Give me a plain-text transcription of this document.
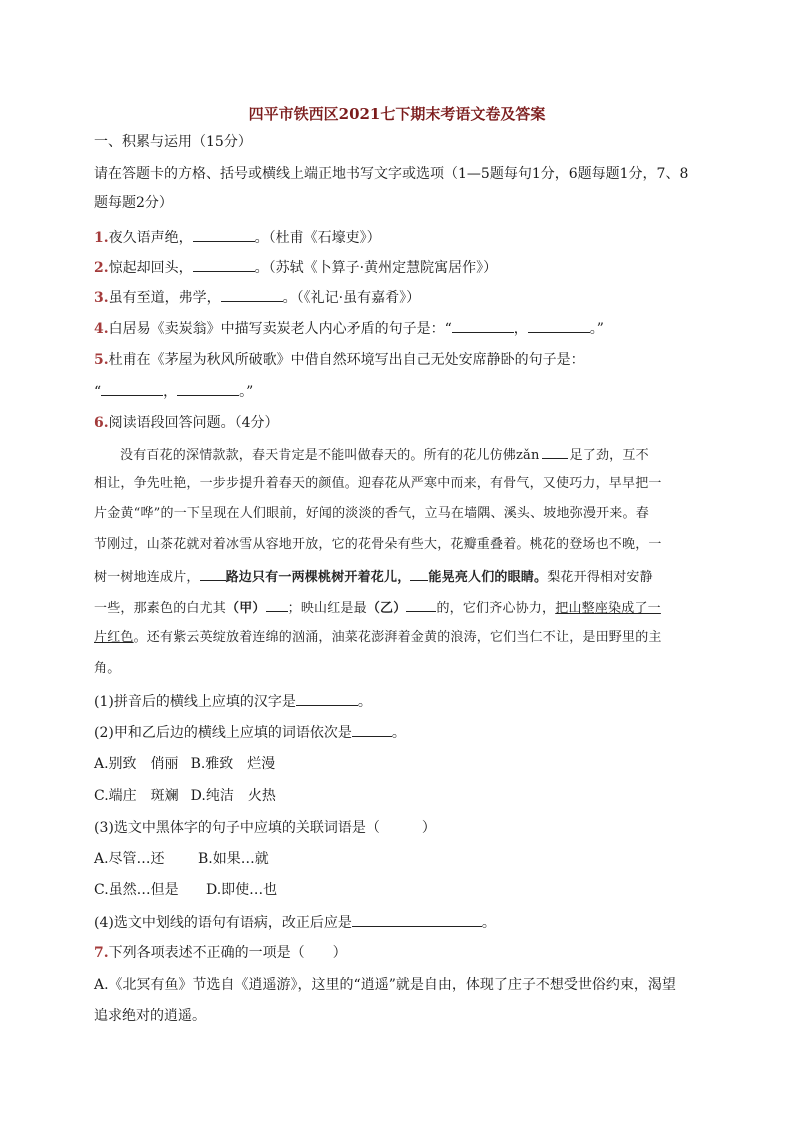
四平市铁西区2021七下期末考语文卷及答案
一、积累与运用（15分）
请在答题卡的方格、括号或横线上端正地书写文字或选项（1—5题每句1分，6题每题1分，7、8
题每题2分）
1.夜久语声绝，	。（杜甫《石壕吏》）
2.惊起却回头，	。（苏轼《卜算子·黄州定慧院寓居作》）
3.虽有至道，弗学，	。（《礼记·虽有嘉肴》）
4.白居易《卖炭翁》中描写卖炭老人内心矛盾的句子是：“	，	。”
5.杜甫在《茅屋为秋风所破歌》中借自然环境写出自己无处安席静卧的句子是：
“	，	。”
6.阅读语段回答问题。（4分）
没有百花的深情款款，春天肯定是不能叫做春天的。所有的花儿仿佛zǎn 足了劲，互不
相让，争先吐艳，一步步提升着春天的颜值。迎春花从严寒中而来，有骨气，又使巧力，早早把一
片金黄“哗”的一下呈现在人们眼前，好闻的淡淡的香气，立马在墙隅、溪头、坡地弥漫开来。春
节刚过，山茶花就对着冰雪从容地开放，它的花骨朵有些大，花瓣重叠着。桃花的登场也不晚，一
树一树地连成片， 路边只有一两棵桃树开着花儿， 能晃亮人们的眼睛。梨花开得相对安静
一些，那素色的白尤其（甲） ；映山红是最（乙） 的，它们齐心协力，把山整座染成了一
片红色。还有紫云英绽放着连绵的汹涌，油菜花澎湃着金黄的浪涛，它们当仁不让，是田野里的主
角。
(1)拼音后的横线上应填的汉字是	。
(2)甲和乙后边的横线上应填的词语依次是	。
A.别致　俏丽 B.雅致　烂漫
C.端庄　斑斓 D.纯洁　火热
(3)选文中黑体字的句子中应填的关联词语是（　　　）
A.尽管…还 B.如果…就
C.虽然…但是 D.即使…也
(4)选文中划线的语句有语病，改正后应是	。
7.下列各项表述不正确的一项是（　　）
A.《北冥有鱼》节选自《逍遥游》，这里的“逍遥”就是自由，体现了庄子不想受世俗约束，渴望
追求绝对的逍遥。
